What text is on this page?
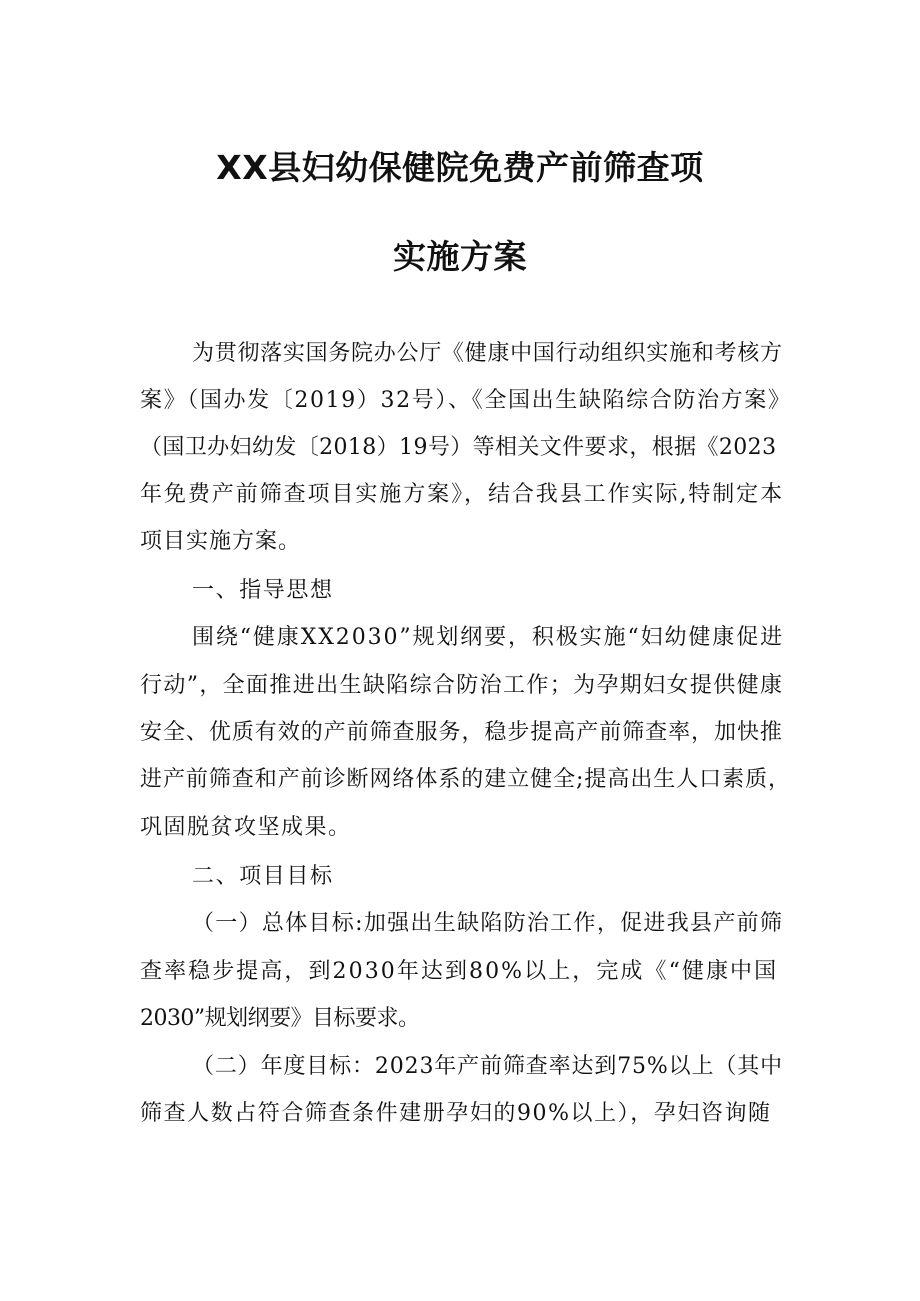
XX县妇幼保健院免费产前筛查项
实施方案
为贯彻落实国务院办公厅《健康中国行动组织实施和考核方
案》（国办发〔2019）32号）、《全国出生缺陷综合防治方案》
（国卫办妇幼发〔2018）19号）等相关文件要求，根据《2023
年免费产前筛查项目实施方案》，结合我县工作实际,特制定本
项目实施方案。
一、指导思想
围绕“健康XX2030”规划纲要，积极实施“妇幼健康促进
行动”，全面推进出生缺陷综合防治工作；为孕期妇女提供健康
安全、优质有效的产前筛查服务，稳步提高产前筛查率，加快推
进产前筛查和产前诊断网络体系的建立健全;提高出生人口素质，
巩固脱贫攻坚成果。
二、项目目标
（一）总体目标:加强出生缺陷防治工作，促进我县产前筛
查率稳步提高，到2030年达到80%以上，完成《“健康中国
2030”规划纲要》目标要求。
（二）年度目标：2023年产前筛查率达到75%以上（其中
筛查人数占符合筛查条件建册孕妇的90%以上），孕妇咨询随
